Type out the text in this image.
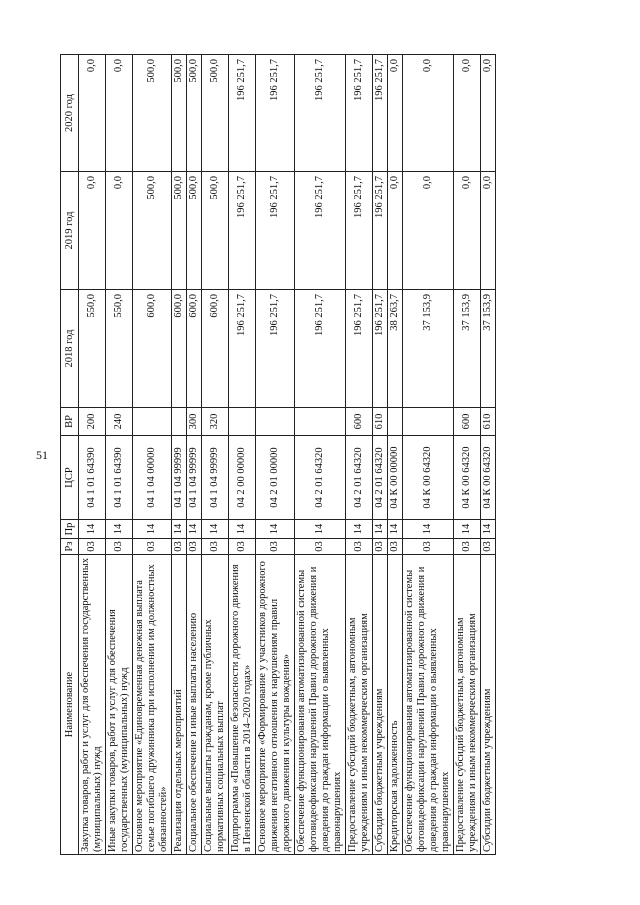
51
Наименование	Рз	Пр	ЦСР	ВР	2018 год	2019 год	2020 год
Закупка товаров, работ и услуг для обеспечения государственных (муниципальных) нужд	03	14	04 1 01 64390	200	550,0	0,0	0,0
Иные закупки товаров, работ и услуг для обеспечения государственных (муниципальных) нужд	03	14	04 1 01 64390	240	550,0	0,0	0,0
Основное мероприятие «Единовременная денежная выплата семье погибшего дружинника при исполнении им должностных обязанностей»	03	14	04 1 04 00000		600,0	500,0	500,0
Реализация отдельных мероприятий	03	14	04 1 04 99999		600,0	500,0	500,0
Социальное обеспечение и иные выплаты населению	03	14	04 1 04 99999	300	600,0	500,0	500,0
Социальные выплаты гражданам, кроме публичных нормативных социальных выплат	03	14	04 1 04 99999	320	600,0	500,0	500,0
Подпрограмма «Повышение безопасности дорожного движения в Пензенской области в 2014–2020 годах»	03	14	04 2 00 00000		196 251,7	196 251,7	196 251,7
Основное мероприятие «Формирование у участников дорожного движения негативного отношения к нарушениям правил дорожного движения и культуры вождения»	03	14	04 2 01 00000		196 251,7	196 251,7	196 251,7
Обеспечение функционирования автоматизированной системы фотовидеофиксации нарушений Правил дорожного движения и доведения до граждан информации о выявленных правонарушениях	03	14	04 2 01 64320		196 251,7	196 251,7	196 251,7
Предоставление субсидий бюджетным, автономным учреждениям и иным некоммерческим организациям	03	14	04 2 01 64320	600	196 251,7	196 251,7	196 251,7
Субсидии бюджетным учреждениям	03	14	04 2 01 64320	610	196 251,7	196 251,7	196 251,7
Кредиторская задолженность	03	14	04 К 00 00000		38 263,7	0,0	0,0
Обеспечение функционирования автоматизированной системы фотовидеофиксации нарушений Правил дорожного движения и доведения до граждан информации о выявленных правонарушениях	03	14	04 К 00 64320		37 153,9	0,0	0,0
Предоставление субсидий бюджетным, автономным учреждениям и иным некоммерческим организациям	03	14	04 К 00 64320	600	37 153,9	0,0	0,0
Субсидии бюджетным учреждениям	03	14	04 К 00 64320	610	37 153,9	0,0	0,0
